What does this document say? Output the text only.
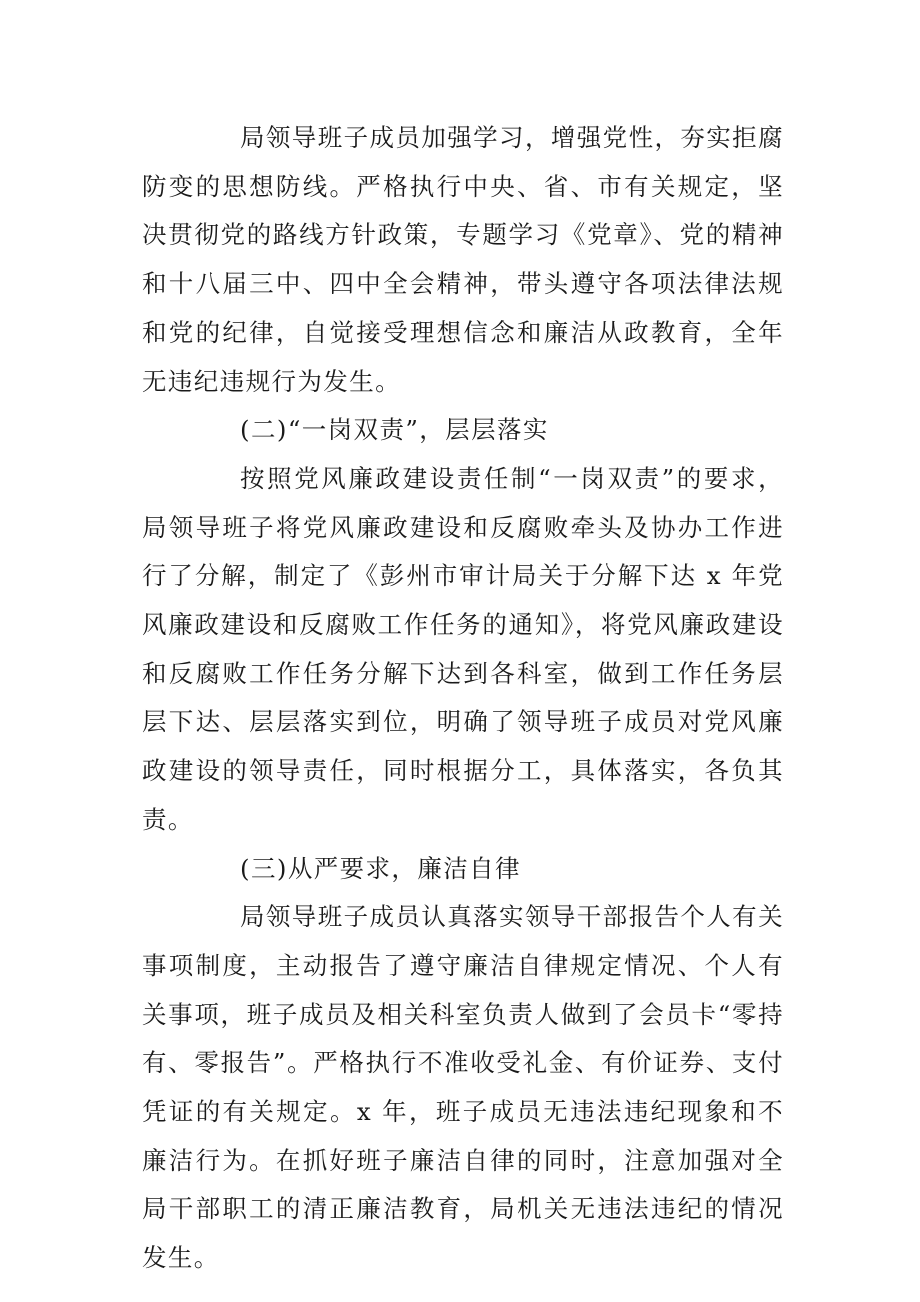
局领导班子成员加强学习，增强党性，夯实拒腐防变的思想防线。严格执行中央、省、市有关规定，坚决贯彻党的路线方针政策，专题学习《党章》、党的精神和十八届三中、四中全会精神，带头遵守各项法律法规和党的纪律，自觉接受理想信念和廉洁从政教育，全年无违纪违规行为发生。

(二)“一岗双责”，层层落实

按照党风廉政建设责任制“一岗双责”的要求，局领导班子将党风廉政建设和反腐败牵头及协办工作进行了分解，制定了《彭州市审计局关于分解下达 x 年党风廉政建设和反腐败工作任务的通知》，将党风廉政建设和反腐败工作任务分解下达到各科室，做到工作任务层层下达、层层落实到位，明确了领导班子成员对党风廉政建设的领导责任，同时根据分工，具体落实，各负其责。

(三)从严要求，廉洁自律

局领导班子成员认真落实领导干部报告个人有关事项制度，主动报告了遵守廉洁自律规定情况、个人有关事项，班子成员及相关科室负责人做到了会员卡“零持有、零报告”。严格执行不准收受礼金、有价证券、支付凭证的有关规定。x 年，班子成员无违法违纪现象和不廉洁行为。在抓好班子廉洁自律的同时，注意加强对全局干部职工的清正廉洁教育，局机关无违法违纪的情况发生。
